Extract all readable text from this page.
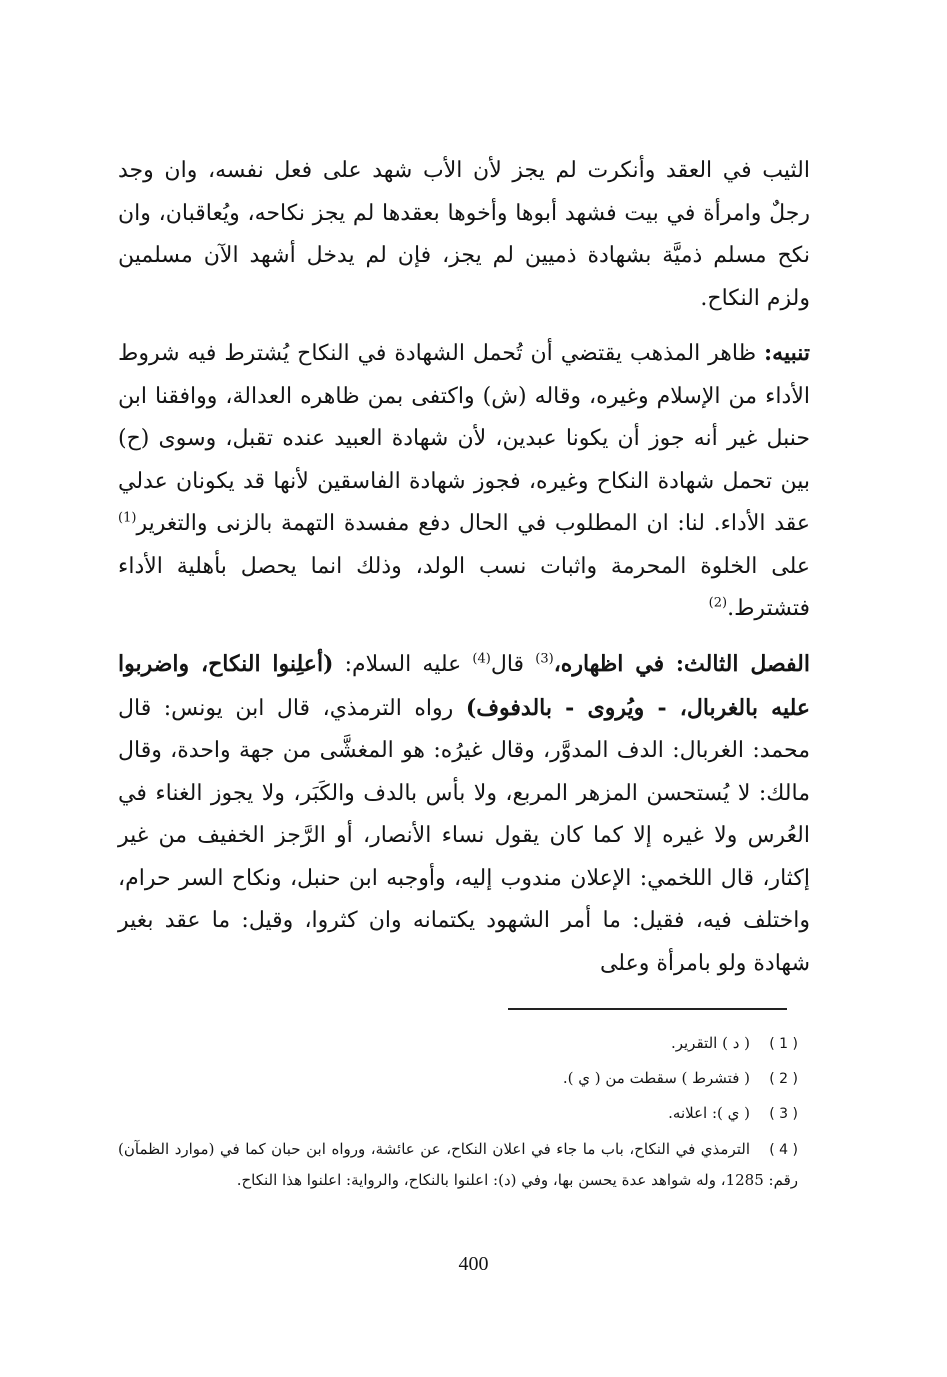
الثيب في العقد وأنكرت لم يجز لأن الأب شهد على فعل نفسه، وان وجد رجلٌ وامرأة في بيت فشهد أبوها وأخوها بعقدها لم يجز نكاحه، ويُعاقبان، وان نكح مسلم ذميَّة بشهادة ذميين لم يجز، فإن لم يدخل أشهد الآن مسلمين ولزم النكاح.

تنبيه: ظاهر المذهب يقتضي أن تُحمل الشهادة في النكاح يُشترط فيه شروط الأداء من الإسلام وغيره، وقاله (ش) واكتفى بمن ظاهره العدالة، ووافقنا ابن حنبل غير أنه جوز أن يكونا عبدين، لأن شهادة العبيد عنده تقبل، وسوى (ح) بين تحمل شهادة النكاح وغيره، فجوز شهادة الفاسقين لأنها قد يكونان عدلي عقد الأداء. لنا: ان المطلوب في الحال دفع مفسدة التهمة بالزنى والتغرير$^{(1)}$ على الخلوة المحرمة واثبات نسب الولد، وذلك انما يحصل بأهلية الأداء فتشترط.$^{(2)}$

الفصل الثالث: في اظهاره،$^{(3)}$ قال$^{(4)}$ عليه السلام: (أعلِنوا النكاح، واضربوا عليه بالغربال، - ويُروى - بالدفوف) رواه الترمذي، قال ابن يونس: قال محمد: الغربال: الدف المدوَّر، وقال غيرُه: هو المغشَّى من جهة واحدة، وقال مالك: لا يُستحسن المزهر المربع، ولا بأس بالدف والكَبَر، ولا يجوز الغناء في العُرس ولا غيره إلا كما كان يقول نساء الأنصار، أو الرَّجز الخفيف من غير إكثار، قال اللخمي: الإعلان مندوب إليه، وأوجبه ابن حنبل، ونكاح السر حرام، واختلف فيه، فقيل: ما أمر الشهود يكتمانه وان كثروا، وقيل: ما عقد بغير شهادة ولو بامرأة وعلى

( 1 )( د ) التقرير.
( 2 )( فتشرط ) سقطت من ( ي ).
( 3 )( ي ): اعلانه.
( 4 )الترمذي في النكاح، باب ما جاء في اعلان النكاح، عن عائشة، ورواه ابن حبان كما في (موارد الظمآن) رقم: 1285، وله شواهد عدة يحسن بها، وفي (د): اعلنوا بالنكاح، والرواية: اعلنوا هذا النكاح.
400
